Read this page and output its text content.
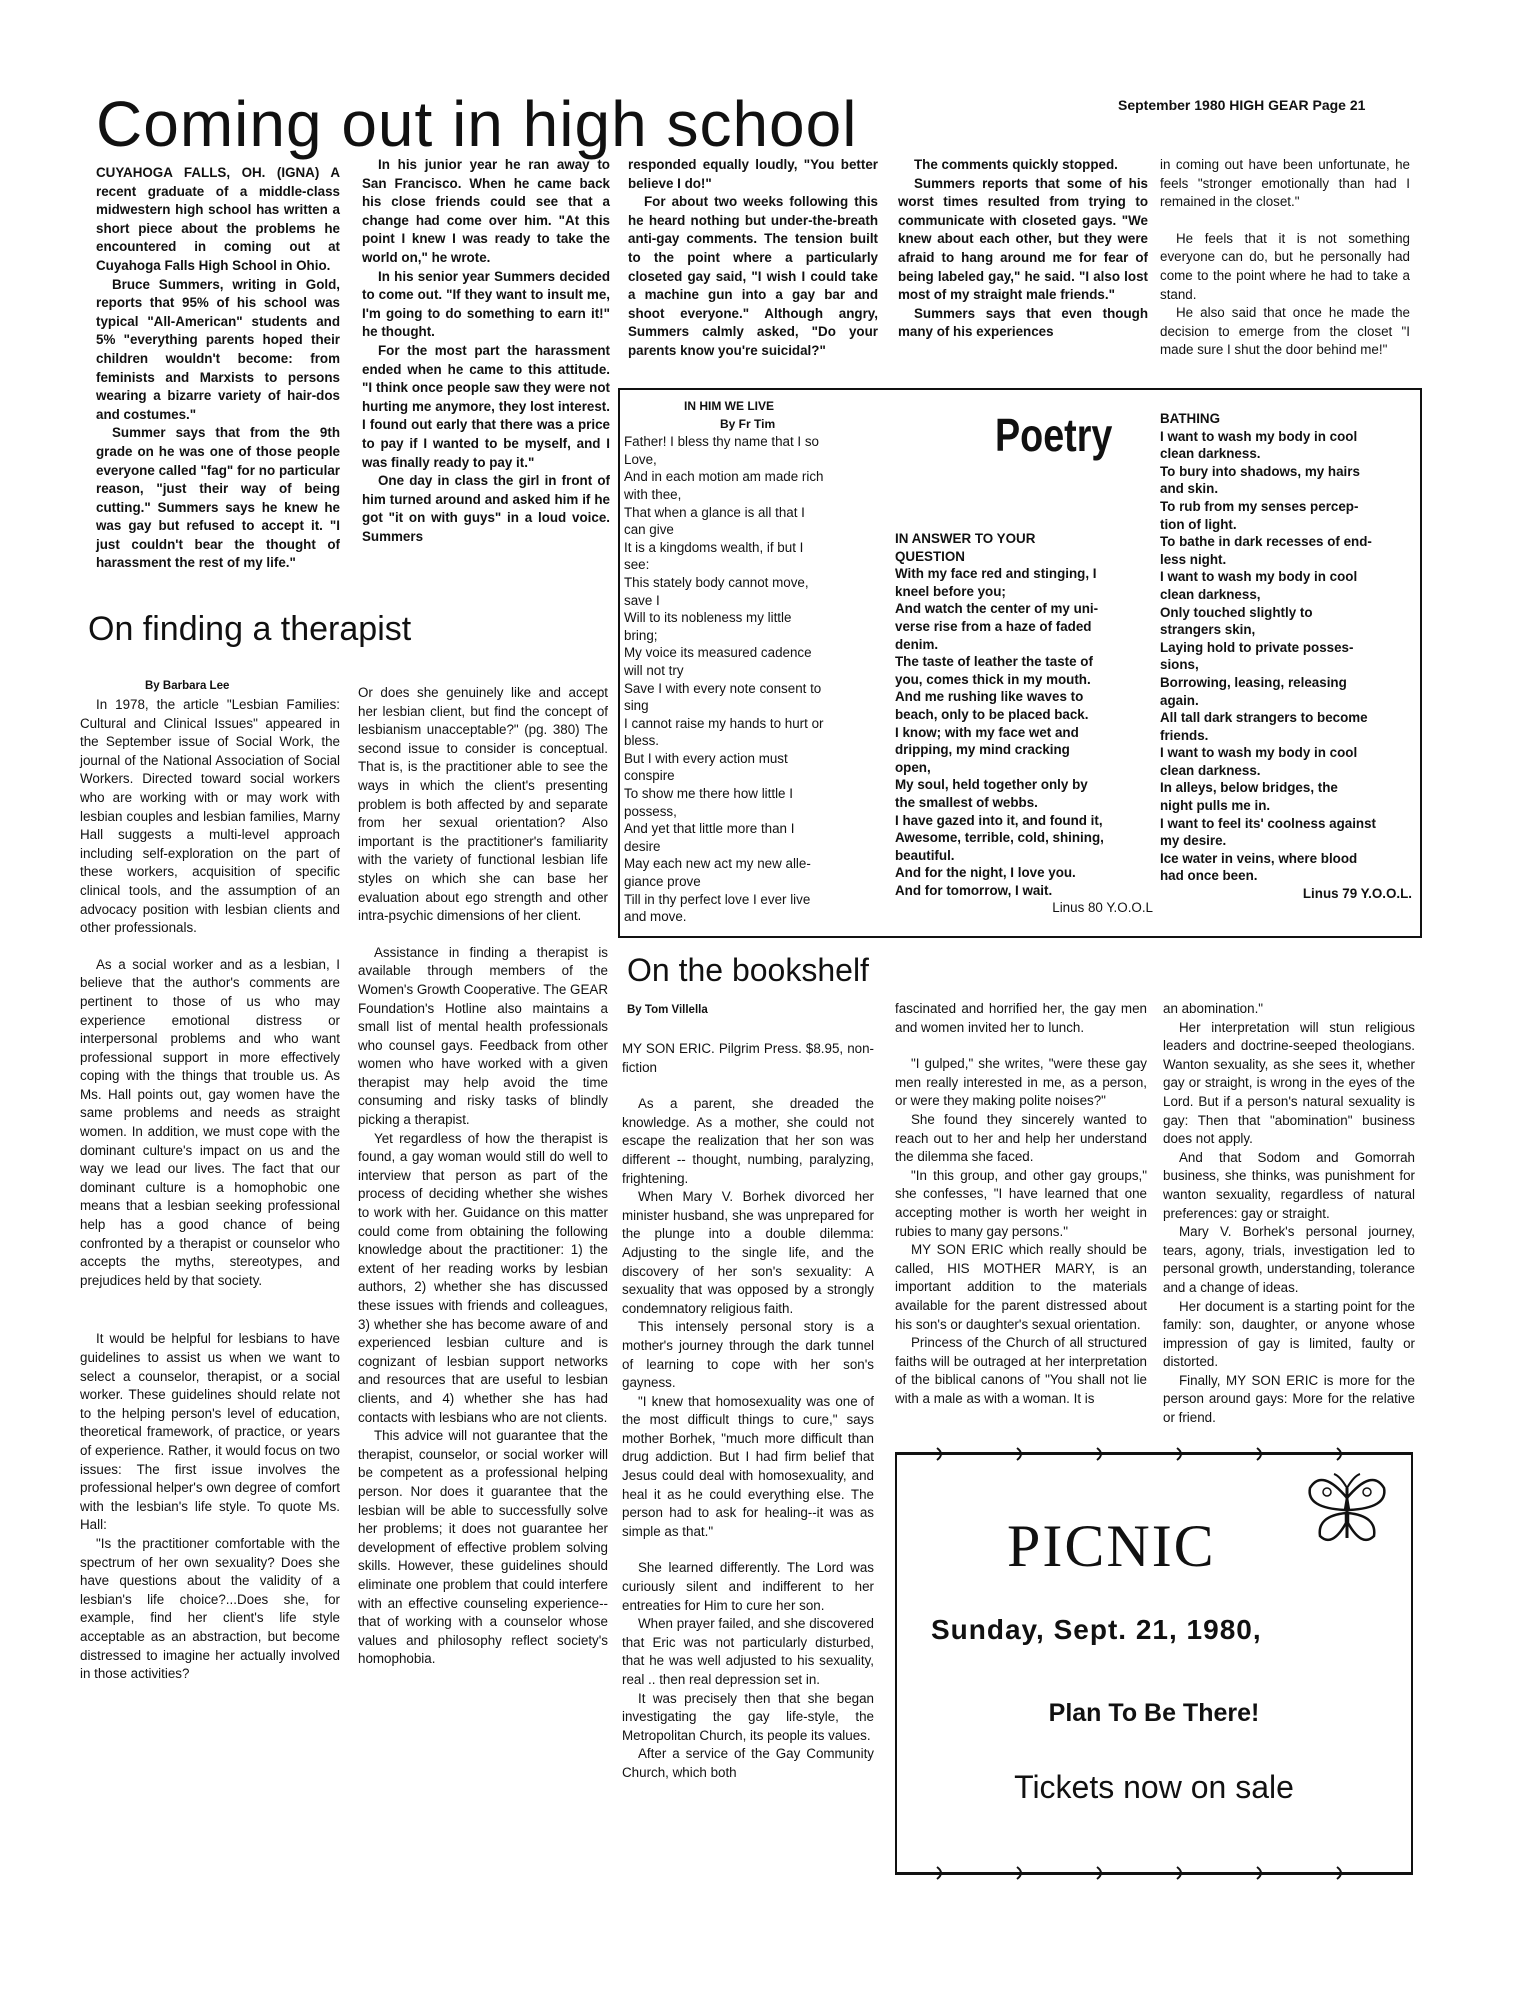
September 1980 HIGH GEAR Page 21
Coming out in high school

CUYAHOGA FALLS, OH. (IGNA) A recent graduate of a middle-class midwestern high school has written a short piece about the problems he encountered in coming out at Cuyahoga Falls High School in Ohio.

Bruce Summers, writing in Gold, reports that 95% of his school was typical "All-American" students and 5% "everything parents hoped their children wouldn't become: from feminists and Marxists to persons wearing a bizarre variety of hair-dos and costumes."

Summer says that from the 9th grade on he was one of those people everyone called "fag" for no particular reason, "just their way of being cutting." Summers says he knew he was gay but refused to accept it. "I just couldn't bear the thought of harassment the rest of my life."

In his junior year he ran away to San Francisco. When he came back his close friends could see that a change had come over him. "At this point I knew I was ready to take the world on," he wrote.

In his senior year Summers decided to come out. "If they want to insult me, I'm going to do something to earn it!" he thought.

For the most part the harassment ended when he came to this attitude. "I think once people saw they were not hurting me anymore, they lost interest. I found out early that there was a price to pay if I wanted to be myself, and I was finally ready to pay it."

One day in class the girl in front of him turned around and asked him if he got "it on with guys" in a loud voice. Summers

responded equally loudly, "You better believe I do!"

For about two weeks following this he heard nothing but under-the-breath anti-gay comments. The tension built to the point where a particularly closeted gay said, "I wish I could take a machine gun into a gay bar and shoot everyone." Although angry, Summers calmly asked, "Do your parents know you're suicidal?"

The comments quickly stopped.

Summers reports that some of his worst times resulted from trying to communicate with closeted gays. "We knew about each other, but they were afraid to hang around me for fear of being labeled gay," he said. "I also lost most of my straight male friends."

Summers says that even though many of his experiences

in coming out have been unfortunate, he feels "stronger emotionally than had I remained in the closet."

He feels that it is not something everyone can do, but he personally had come to the point where he had to take a stand.

He also said that once he made the decision to emerge from the closet "I made sure I shut the door behind me!"

On finding a therapist
By Barbara Lee

In 1978, the article "Lesbian Families: Cultural and Clinical Issues" appeared in the September issue of Social Work, the journal of the National Association of Social Workers. Directed toward social workers who are working with or may work with lesbian couples and lesbian families, Marny Hall suggests a multi-level approach including self-exploration on the part of these workers, acquisition of specific clinical tools, and the assumption of an advocacy position with lesbian clients and other professionals.

As a social worker and as a lesbian, I believe that the author's comments are pertinent to those of us who may experience emotional distress or interpersonal problems and who want professional support in more effectively coping with the things that trouble us. As Ms. Hall points out, gay women have the same problems and needs as straight women. In addition, we must cope with the dominant culture's impact on us and the way we lead our lives. The fact that our dominant culture is a homophobic one means that a lesbian seeking professional help has a good chance of being confronted by a therapist or counselor who accepts the myths, stereotypes, and prejudices held by that society.

It would be helpful for lesbians to have guidelines to assist us when we want to select a counselor, therapist, or a social worker. These guidelines should relate not to the helping person's level of education, theoretical framework, of practice, or years of experience. Rather, it would focus on two issues: The first issue involves the professional helper's own degree of comfort with the lesbian's life style. To quote Ms. Hall:

"Is the practitioner comfortable with the spectrum of her own sexuality? Does she have questions about the validity of a lesbian's life choice?...Does she, for example, find her client's life style acceptable as an abstraction, but become distressed to imagine her actually involved in those activities?

Or does she genuinely like and accept her lesbian client, but find the concept of lesbianism unacceptable?" (pg. 380) The second issue to consider is conceptual. That is, is the practitioner able to see the ways in which the client's presenting problem is both affected by and separate from her sexual orientation? Also important is the practitioner's familiarity with the variety of functional lesbian life styles on which she can base her evaluation about ego strength and other intra-psychic dimensions of her client.

Assistance in finding a therapist is available through members of the Women's Growth Cooperative. The GEAR Foundation's Hotline also maintains a small list of mental health professionals who counsel gays. Feedback from other women who have worked with a given therapist may help avoid the time consuming and risky tasks of blindly picking a therapist.

Yet regardless of how the therapist is found, a gay woman would still do well to interview that person as part of the process of deciding whether she wishes to work with her. Guidance on this matter could come from obtaining the following knowledge about the practitioner: 1) the extent of her reading works by lesbian authors, 2) whether she has discussed these issues with friends and colleagues, 3) whether she has become aware of and experienced lesbian culture and is cognizant of lesbian support networks and resources that are useful to lesbian clients, and 4) whether she has had contacts with lesbians who are not clients.

This advice will not guarantee that the therapist, counselor, or social worker will be competent as a professional helping person. Nor does it guarantee that the lesbian will be able to successfully solve her problems; it does not guarantee her development of effective problem solving skills. However, these guidelines should eliminate one problem that could interfere with an effective counseling experience--that of working with a counselor whose values and philosophy reflect society's homophobia.

Poetry
IN HIM WE LIVE
By Fr Tim
Father! I bless thy name that I so
Love,
And in each motion am made rich
with thee,
That when a glance is all that I
can give
It is a kingdoms wealth, if but I
see:
This stately body cannot move,
save I
Will to its nobleness my little
bring;
My voice its measured cadence
will not try
Save I with every note consent to
sing
I cannot raise my hands to hurt or
bless.
But I with every action must
conspire
To show me there how little I
possess,
And yet that little more than I
desire
May each new act my new alle-
giance prove
Till in thy perfect love I ever live
and move.
IN ANSWER TO YOUR QUESTION
With my face red and stinging, I
kneel before you;
And watch the center of my uni-
verse rise from a haze of faded
denim.
The taste of leather the taste of
you, comes thick in my mouth.
And me rushing like waves to
beach, only to be placed back.
I know; with my face wet and
dripping, my mind cracking
open,
My soul, held together only by
the smallest of webbs.
I have gazed into it, and found it,
Awesome, terrible, cold, shining,
beautiful.
And for the night, I love you.
And for tomorrow, I wait.
Linus 80 Y.O.O.L
BATHING
I want to wash my body in cool
clean darkness.
To bury into shadows, my hairs
and skin.
To rub from my senses percep-
tion of light.
To bathe in dark recesses of end-
less night.
I want to wash my body in cool
clean darkness,
Only touched slightly to
strangers skin,
Laying hold to private posses-
sions,
Borrowing, leasing, releasing
again.
All tall dark strangers to become
friends.
I want to wash my body in cool
clean darkness.
In alleys, below bridges, the
night pulls me in.
I want to feel its' coolness against
my desire.
Ice water in veins, where blood
had once been.
Linus 79 Y.O.O.L.
On the bookshelf
By Tom Villella

MY SON ERIC. Pilgrim Press. $8.95, non-fiction

As a parent, she dreaded the knowledge. As a mother, she could not escape the realization that her son was different -- thought, numbing, paralyzing, frightening.

When Mary V. Borhek divorced her minister husband, she was unprepared for the plunge into a double dilemma: Adjusting to the single life, and the discovery of her son's sexuality: A sexuality that was opposed by a strongly condemnatory religious faith.

This intensely personal story is a mother's journey through the dark tunnel of learning to cope with her son's gayness.

"I knew that homosexuality was one of the most difficult things to cure," says mother Borhek, "much more difficult than drug addiction. But I had firm belief that Jesus could deal with homosexuality, and heal it as he could everything else. The person had to ask for healing--it was as simple as that."

She learned differently. The Lord was curiously silent and indifferent to her entreaties for Him to cure her son.

When prayer failed, and she discovered that Eric was not particularly disturbed, that he was well adjusted to his sexuality, real .. then real depression set in.

It was precisely then that she began investigating the gay life-style, the Metropolitan Church, its people its values.

After a service of the Gay Community Church, which both

fascinated and horrified her, the gay men and women invited her to lunch.

"I gulped," she writes, "were these gay men really interested in me, as a person, or were they making polite noises?"

She found they sincerely wanted to reach out to her and help her understand the dilemma she faced.

"In this group, and other gay groups," she confesses, "I have learned that one accepting mother is worth her weight in rubies to many gay persons."

MY SON ERIC which really should be called, HIS MOTHER MARY, is an important addition to the materials available for the parent distressed about his son's or daughter's sexual orientation.

Princess of the Church of all structured faiths will be outraged at her interpretation of the biblical canons of "You shall not lie with a male as with a woman. It is

an abomination."

Her interpretation will stun religious leaders and doctrine-seeped theologians. Wanton sexuality, as she sees it, whether gay or straight, is wrong in the eyes of the Lord. But if a person's natural sexuality is gay: Then that "abomination" business does not apply.

And that Sodom and Gomorrah business, she thinks, was punishment for wanton sexuality, regardless of natural preferences: gay or straight.

Mary V. Borhek's personal journey, tears, agony, trials, investigation led to personal growth, understanding, tolerance and a change of ideas.

Her document is a starting point for the family: son, daughter, or anyone whose impression of gay is limited, faulty or distorted.

Finally, MY SON ERIC is more for the person around gays: More for the relative or friend.

PICNIC
Sunday, Sept. 21, 1980,
Plan To Be There!
Tickets now on sale
